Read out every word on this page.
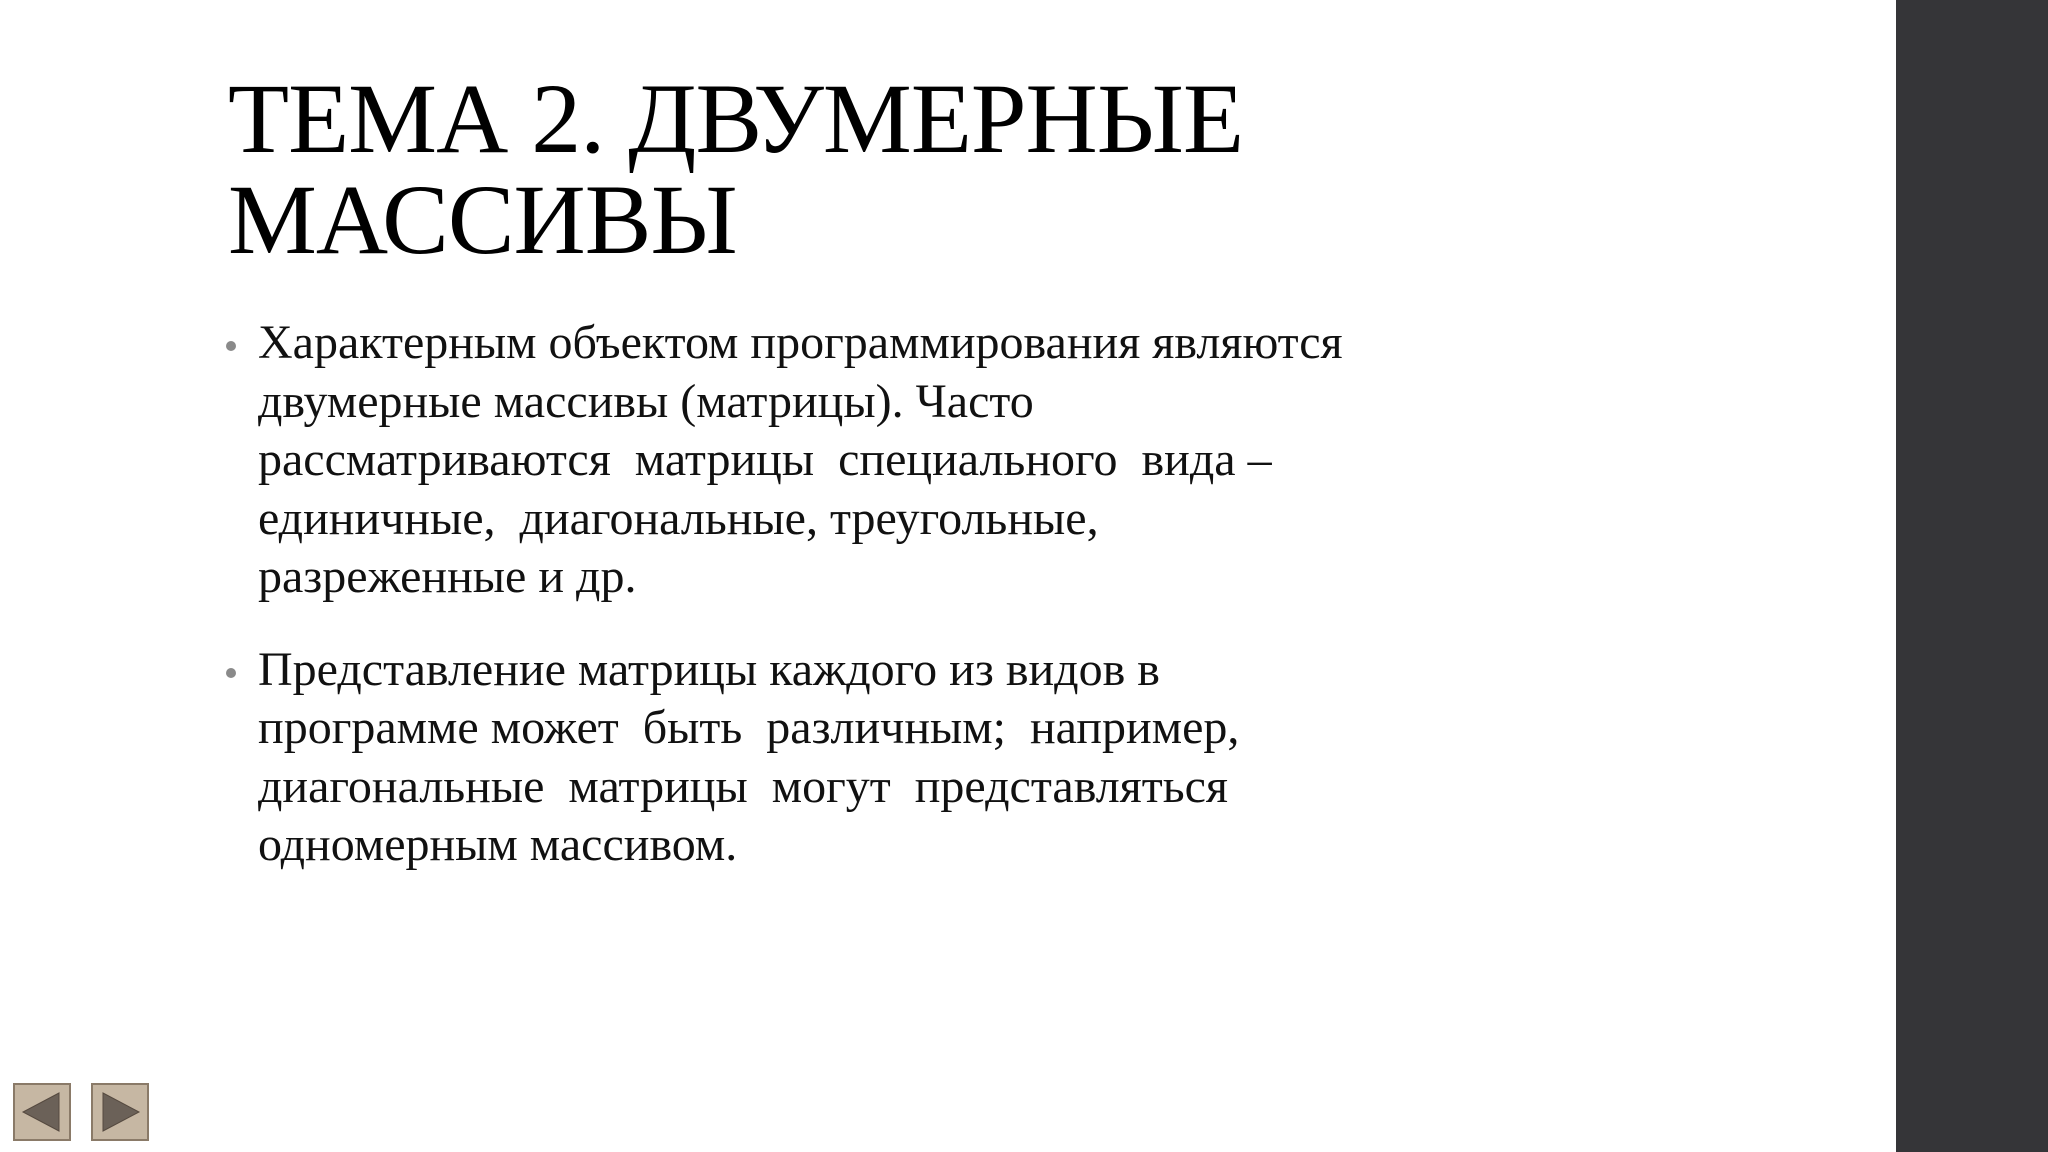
ТЕМА 2. ДВУМЕРНЫЕ
МАССИВЫ
Характерным объектом программирования являются
двумерные массивы (матрицы). Часто
рассматриваются  матрицы  специального  вида –
единичные,  диагональные, треугольные,
разреженные и др.
Представление матрицы каждого из видов в
программе может  быть  различным;  например,
диагональные  матрицы  могут  представляться
одномерным массивом.
